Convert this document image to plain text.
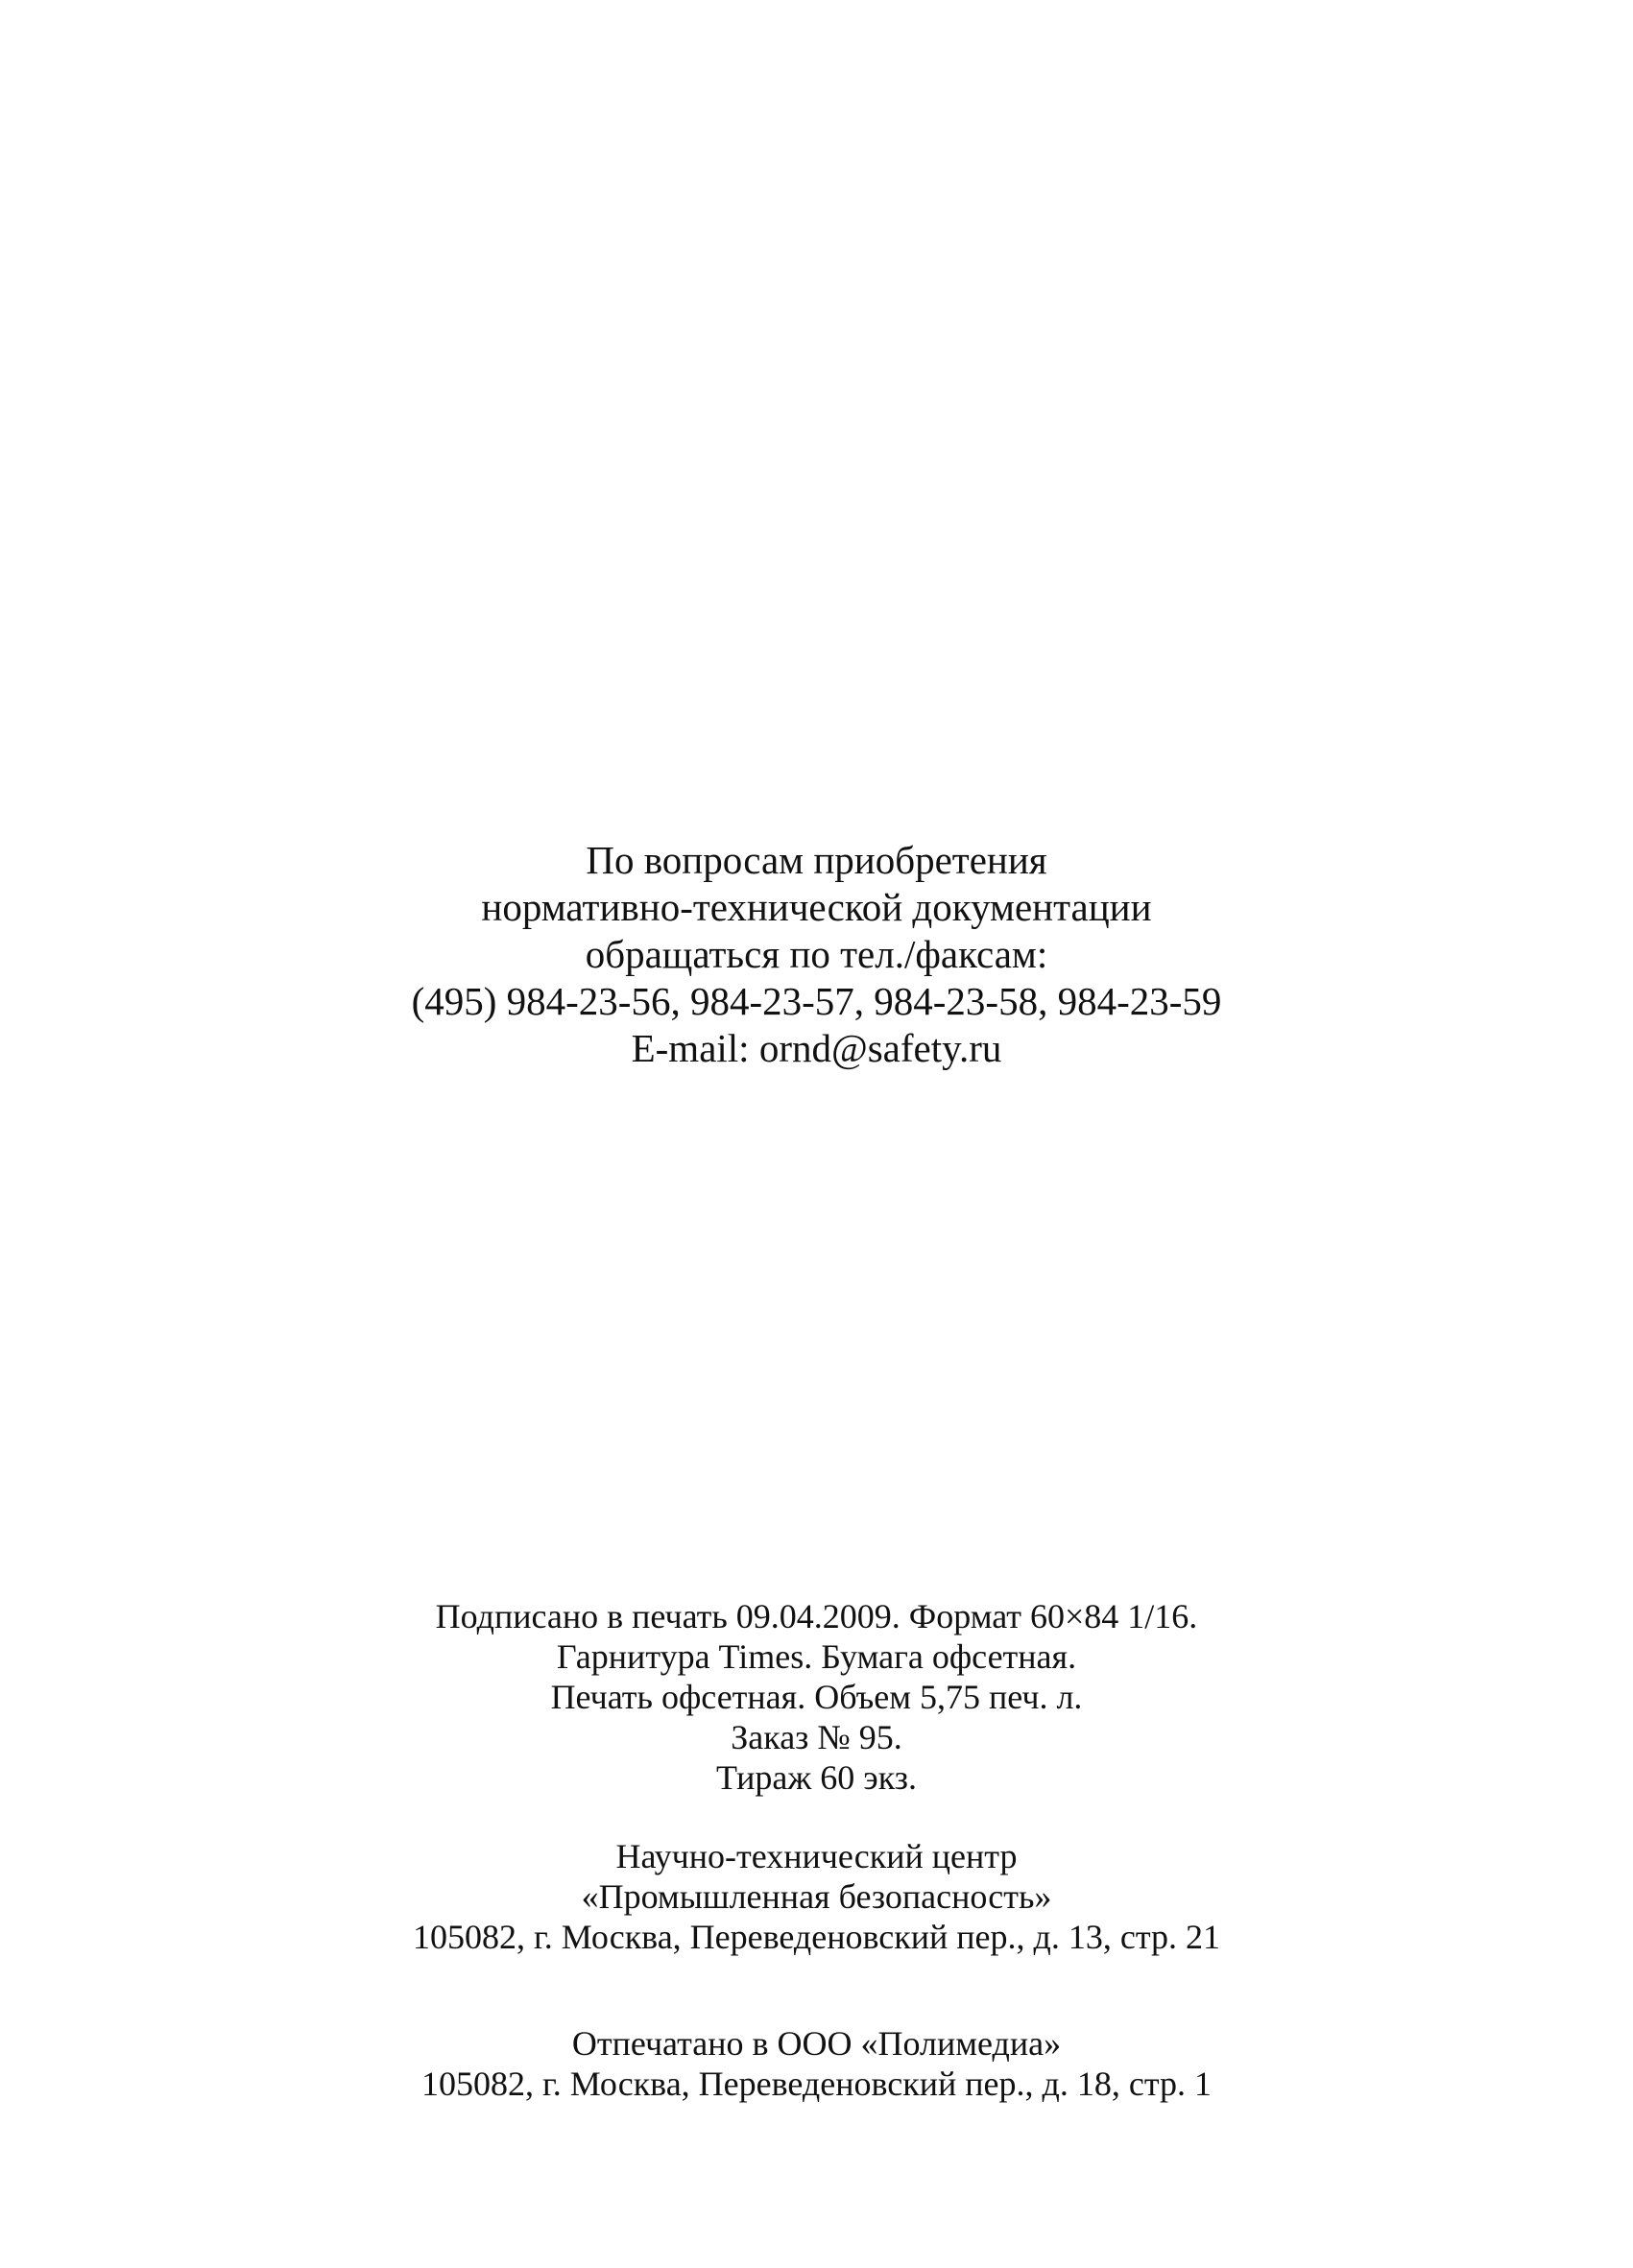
По вопросам приобретения
нормативно-технической документации
обращаться по тел./факсам:
(495) 984-23-56, 984-23-57, 984-23-58, 984-23-59
E-mail: ornd@safety.ru
Подписано в печать 09.04.2009. Формат 60×84 1/16.
Гарнитура Times. Бумага офсетная.
Печать офсетная. Объем 5,75 печ. л.
Заказ № 95.
Тираж 60 экз.
Научно-технический центр
«Промышленная безопасность»
105082, г. Москва, Переведеновский пер., д. 13, стр. 21
Отпечатано в ООО «Полимедиа»
105082, г. Москва, Переведеновский пер., д. 18, стр. 1
